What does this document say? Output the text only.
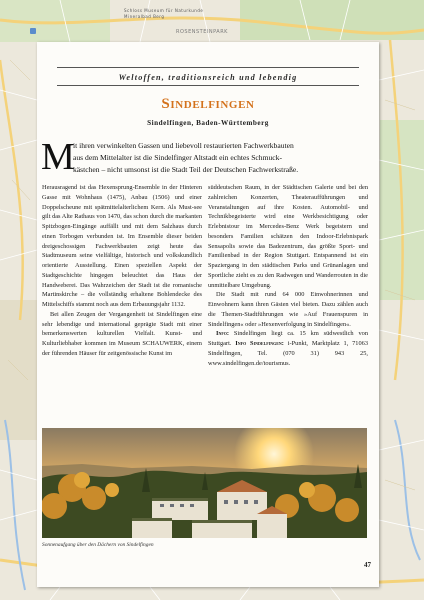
Schloss Museum für Naturkunde
Mineralbad Berg
ROSENSTEINPARK
Weltoffen, traditionsreich und lebendig
Sindelfingen
Sindelfingen, Baden-Württemberg
M
it ihren verwinkelten Gassen und liebevoll restaurierten Fachwerkbauten
aus dem Mittelalter ist die Sindelfinger Altstadt ein echtes Schmuck-
kästchen – nicht umsonst ist die Stadt Teil der Deutschen Fachwerkstraße.

Herausragend ist das Hexensprung-Ensemble in der Hinteren Gasse mit Wohnhaus (1475), Anbau (1506) und einer Doppelscheune mit spätmittelalterlichem Kern. Als Must-see gilt das Alte Rathaus von 1470, das schon durch die markanten Spitzbogen-Eingänge auffällt und mit dem Salzhaus durch einen Torbogen verbunden ist. Im Ensemble dieser beiden dreigeschossigen Fachwerkbauten zeigt heute das Stadtmuseum seine vielfältige, historisch und volkskundlich orientierte Ausstellung. Einen speziellen Aspekt der Stadtgeschichte hingegen beleuchtet das Haus der Handweberei. Das Wahrzeichen der Stadt ist die romanische Martinskirche – die vollständig erhaltene Bohlendecke des Mittelschiffs stammt noch aus dem Erbauungsjahr 1132.

Bei allen Zeugen der Vergangenheit ist Sindelfingen eine sehr lebendige und international geprägte Stadt mit einer bemerkenswerten kulturellen Vielfalt. Kunst- und Kulturliebhaber kommen im Museum SCHAUWERK, einem der führenden Häuser für zeitgenössische Kunst im

süddeutschen Raum, in der Städtischen Galerie und bei den zahlreichen Konzerten, Theateraufführungen und Veranstaltungen auf ihre Kosten. Automobil- und Technikbegeisterte wird eine Werkbesichtigung oder Erlebnistour im Mercedes-Benz Werk begeistern und besonders Familien schätzen den Indoor-Erlebnispark Sensapolis sowie das Badezentrum, das größte Sport- und Familienbad in der Region Stuttgart. Entspannend ist ein Spaziergang in den städtischen Parks und Grünanlagen und Sportliche zieht es zu den Radwegen und Wanderrouten in die unmittelbare Umgebung.

Die Stadt mit rund 64 000 Einwohnerinnen und Einwohnern kann ihren Gästen viel bieten. Dazu zählen auch die Themen-Stadtführungen wie »Auf Frauenspuren in Sindelfingen« oder »Hexenverfolgung in Sindelfingen«.

Info: Sindelfingen liegt ca. 15 km südwestlich von Stuttgart. Info Sindelfingen: i-Punkt, Marktplatz 1, 71063 Sindelfingen, Tel. (070 31) 943 25, www.sindelfingen.de/tourismus.

Sonnenaufgang über den Dächern von Sindelfingen
47
